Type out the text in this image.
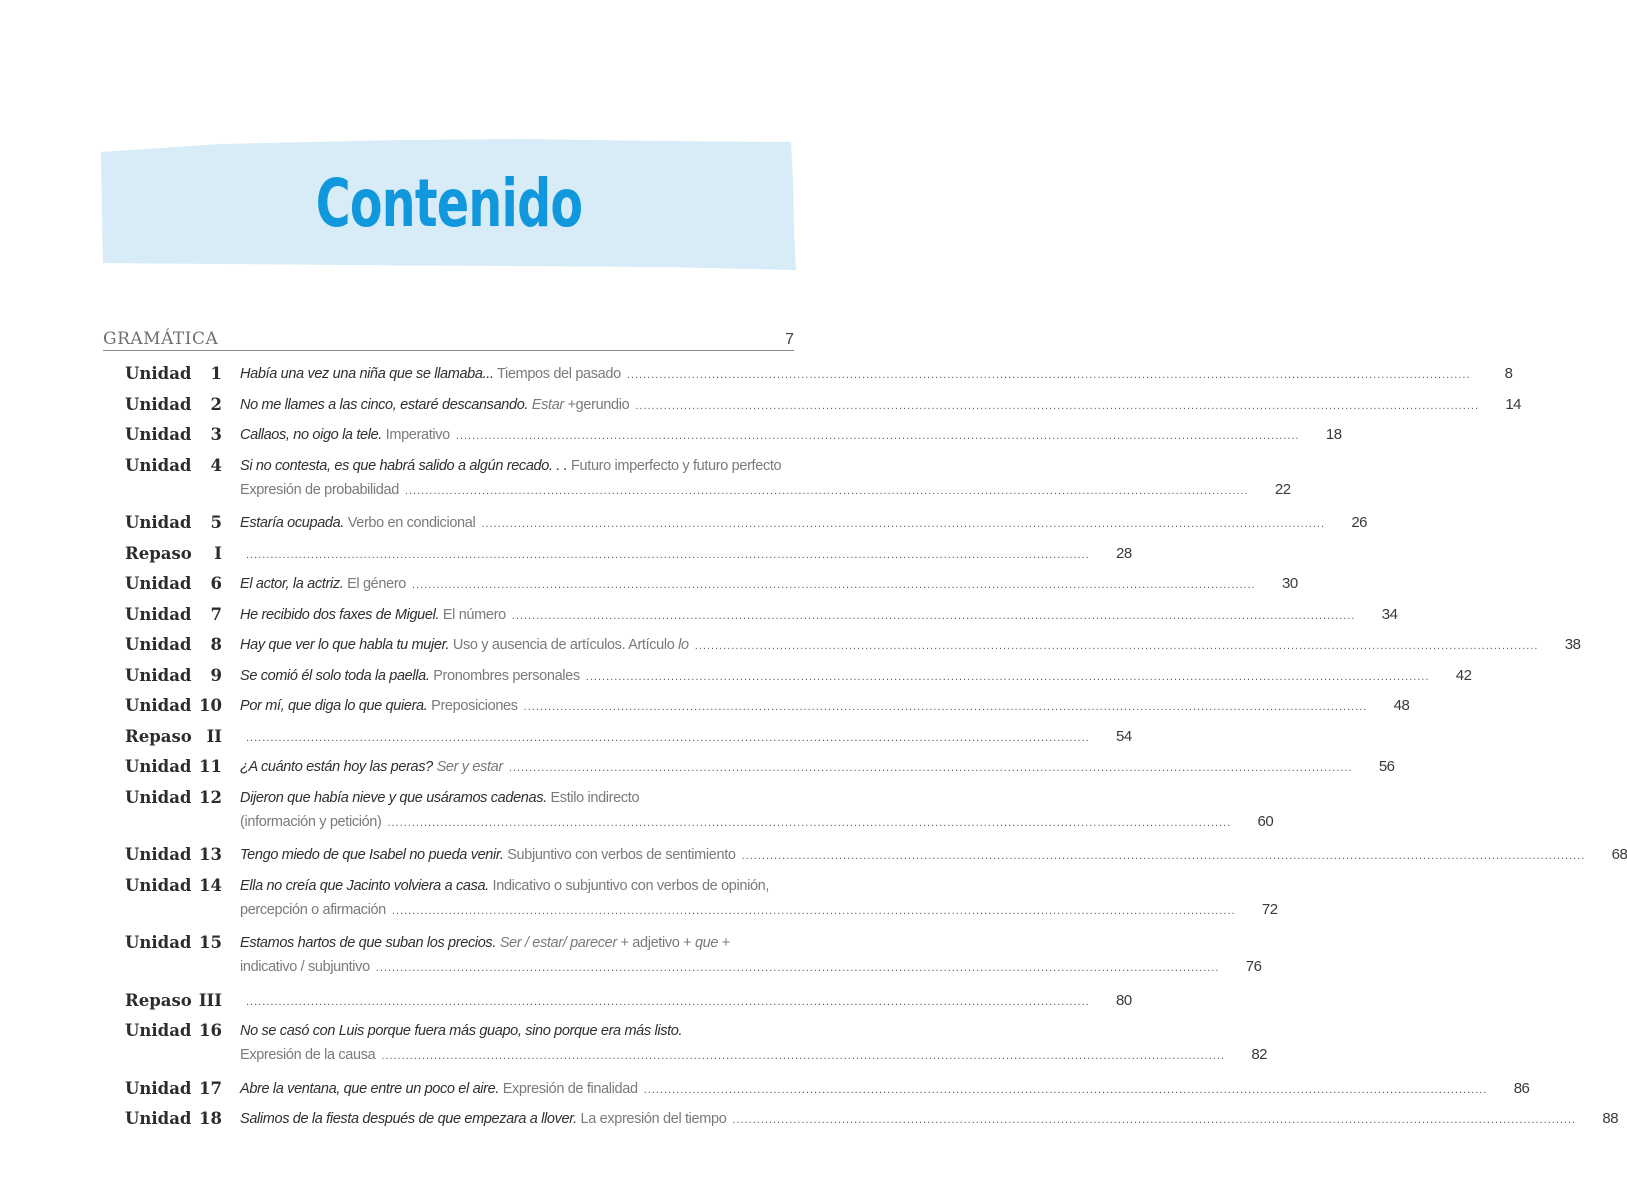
Contenido
GRAMÁTICA	7
Unidad 1 Había una vez una niña que se llamaba... Tiempos del pasado .....	8
Unidad 2 No me llames a las cinco, estaré descansando. Estar +gerundio .....	14
Unidad 3 Callaos, no oigo la tele. Imperativo .....	18
Unidad 4 Si no contesta, es que habrá salido a algún recado. . . Futuro imperfecto y futuro perfecto
Expresión de probabilidad .....	22
Unidad 5 Estaría ocupada. Verbo en condicional .....	26
Repaso I .....	28
Unidad 6 El actor, la actriz. El género .....	30
Unidad 7 He recibido dos faxes de Miguel. El número .....	34
Unidad 8 Hay que ver lo que habla tu mujer. Uso y ausencia de artículos. Artículo lo .....	38
Unidad 9 Se comió él solo toda la paella. Pronombres personales .....	42
Unidad 10 Por mí, que diga lo que quiera. Preposiciones .....	48
Repaso II .....	54
Unidad 11 ¿A cuánto están hoy las peras? Ser y estar .....	56
Unidad 12 Dijeron que había nieve y que usáramos cadenas. Estilo indirecto
(información y petición) .....	60
Unidad 13 Tengo miedo de que Isabel no pueda venir. Subjuntivo con verbos de sentimiento .....	68
Unidad 14 Ella no creía que Jacinto volviera a casa. Indicativo o subjuntivo con verbos de opinión,
percepción o afirmación .....	72
Unidad 15 Estamos hartos de que suban los precios. Ser / estar/ parecer + adjetivo + que +
indicativo / subjuntivo .....	76
Repaso III .....	80
Unidad 16 No se casó con Luis porque fuera más guapo, sino porque era más listo.
Expresión de la causa .....	82
Unidad 17 Abre la ventana, que entre un poco el aire. Expresión de finalidad .....	86
Unidad 18 Salimos de la fiesta después de que empezara a llover. La expresión del tiempo .....	88
